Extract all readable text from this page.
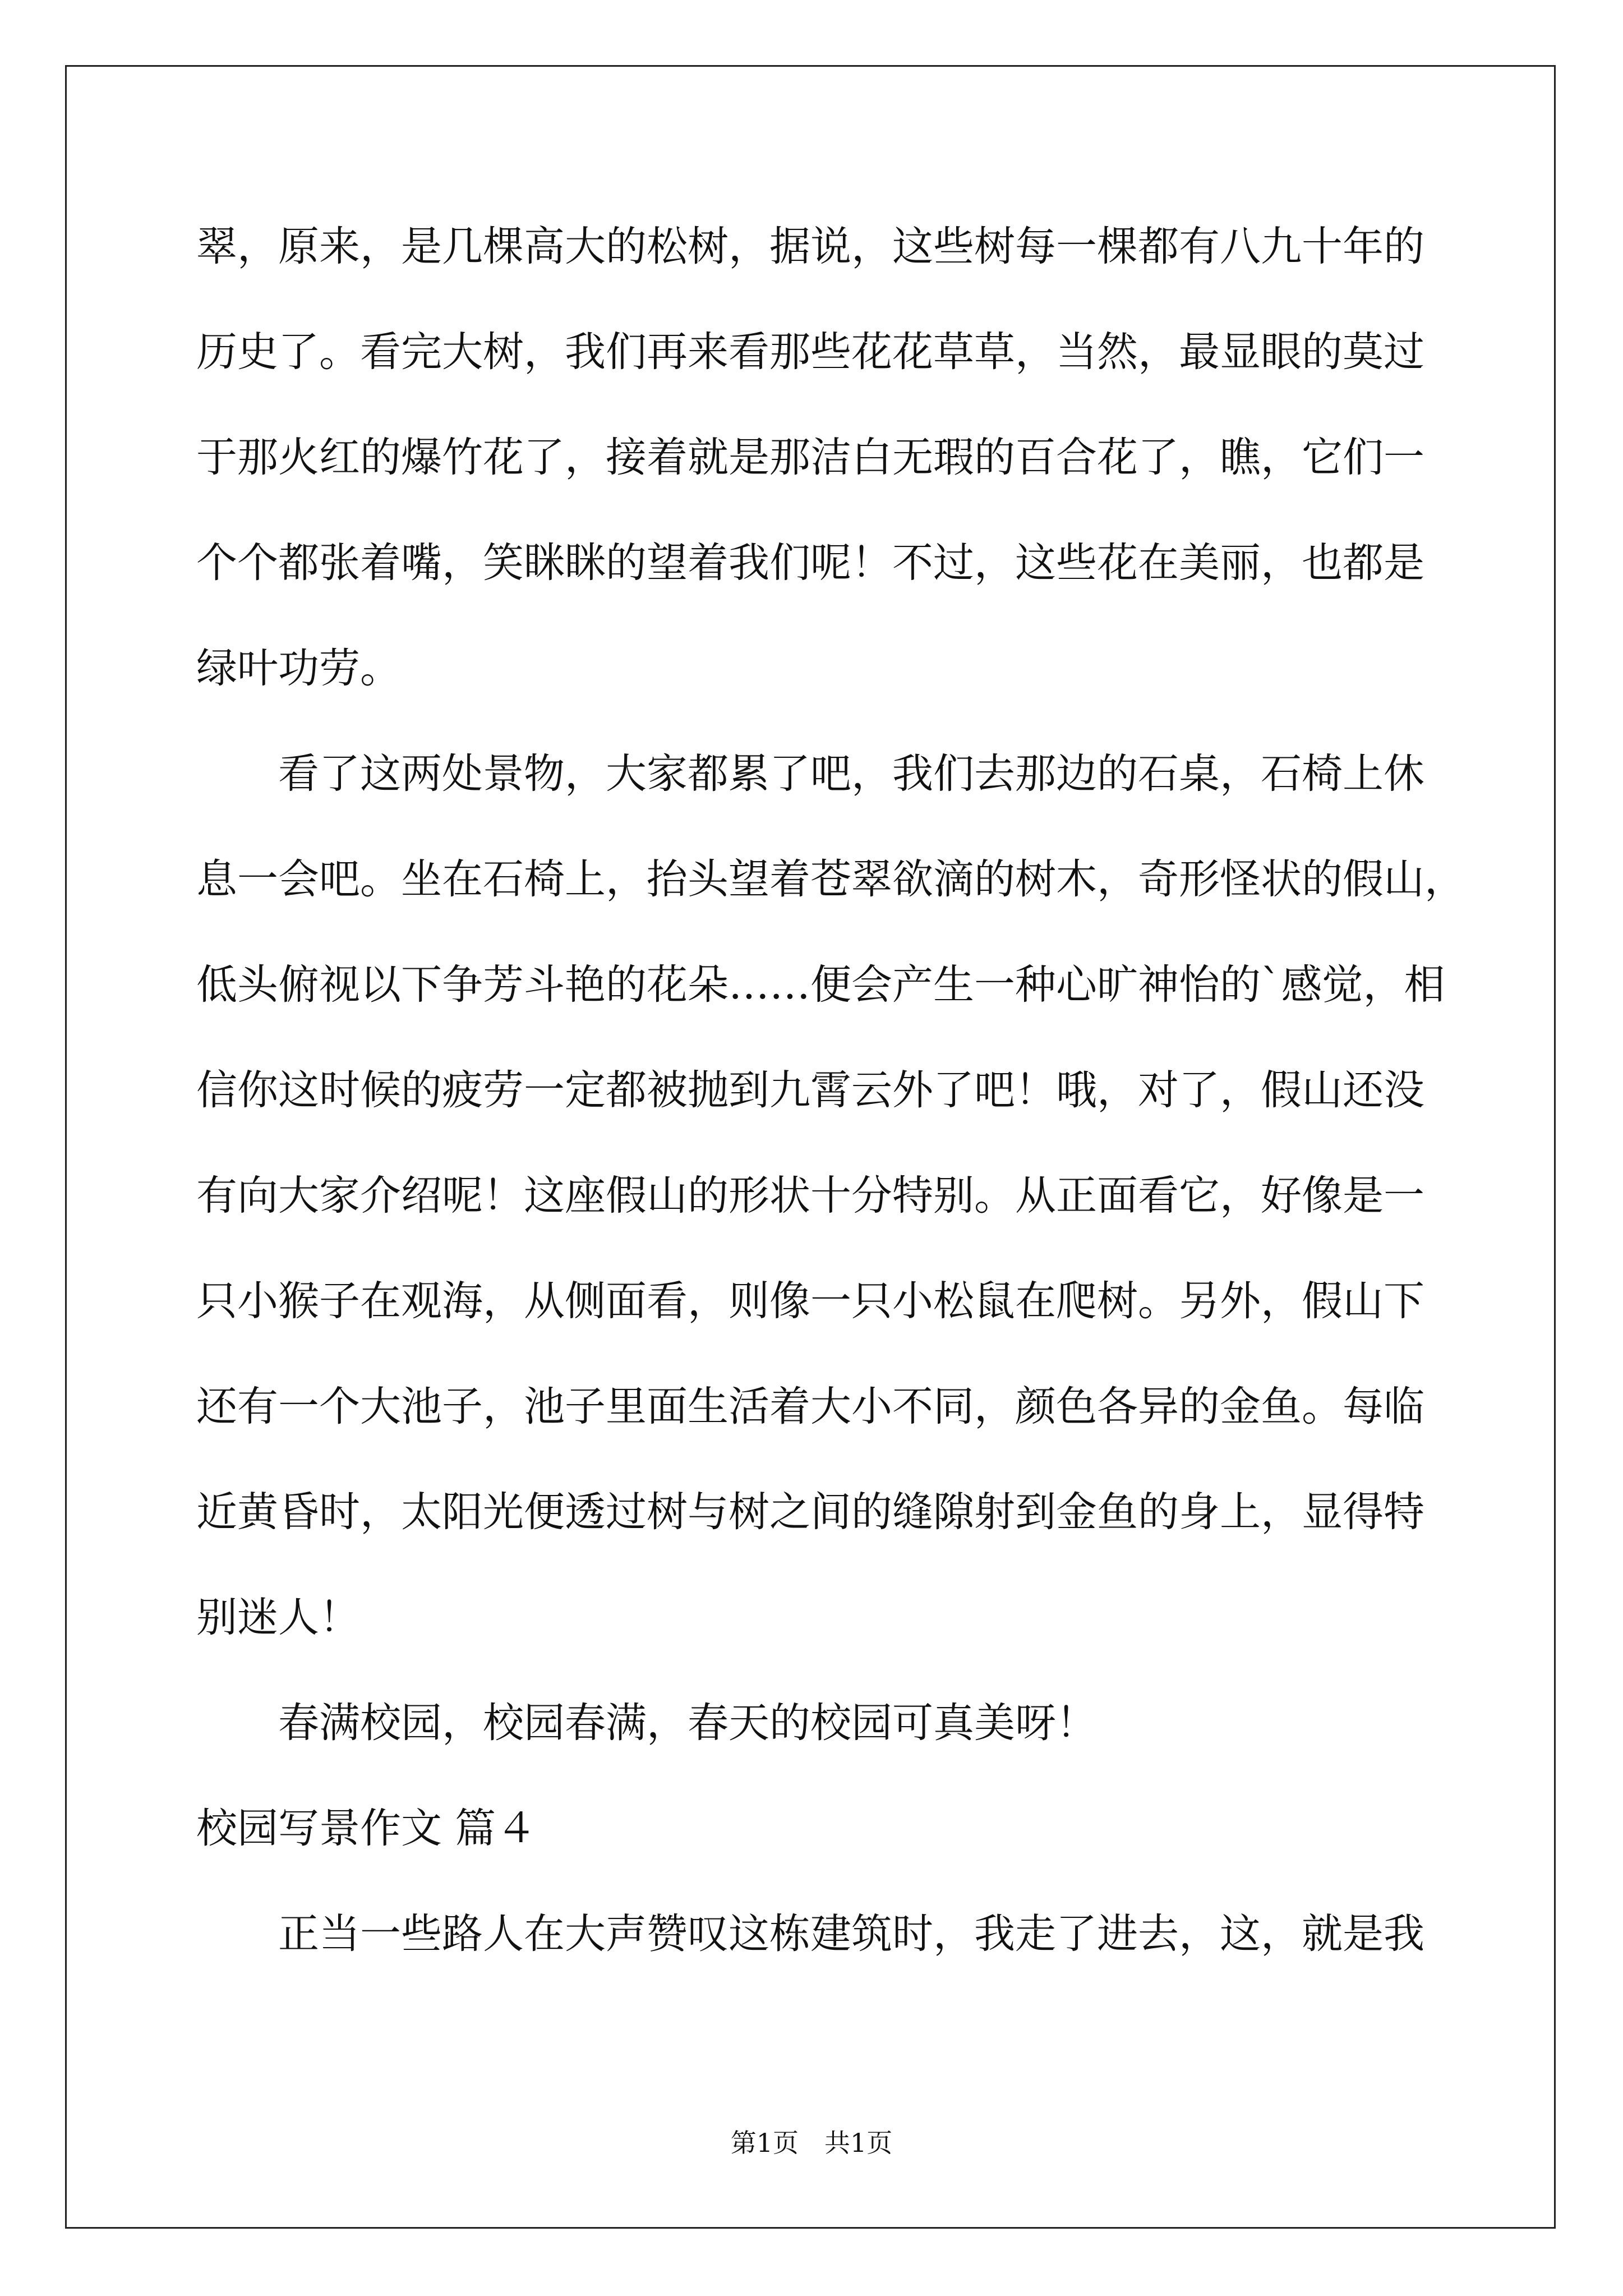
翠，原来，是几棵高大的松树，据说，这些树每一棵都有八九十年的
历史了。看完大树，我们再来看那些花花草草，当然，最显眼的莫过
于那火红的爆竹花了，接着就是那洁白无瑕的百合花了，瞧，它们一
个个都张着嘴，笑眯眯的望着我们呢！不过，这些花在美丽，也都是
绿叶功劳。
看了这两处景物，大家都累了吧，我们去那边的石桌，石椅上休
息一会吧。坐在石椅上，抬头望着苍翠欲滴的树木，奇形怪状的假山，
低头俯视以下争芳斗艳的花朵……便会产生一种心旷神怡的`感觉，相
信你这时候的疲劳一定都被抛到九霄云外了吧！哦，对了，假山还没
有向大家介绍呢！这座假山的形状十分特别。从正面看它，好像是一
只小猴子在观海，从侧面看，则像一只小松鼠在爬树。另外，假山下
还有一个大池子，池子里面生活着大小不同，颜色各异的金鱼。每临
近黄昏时，太阳光便透过树与树之间的缝隙射到金鱼的身上，显得特
别迷人！
春满校园，校园春满，春天的校园可真美呀！
校园写景作文 篇４
正当一些路人在大声赞叹这栋建筑时，我走了进去，这，就是我
第1页　共1页
